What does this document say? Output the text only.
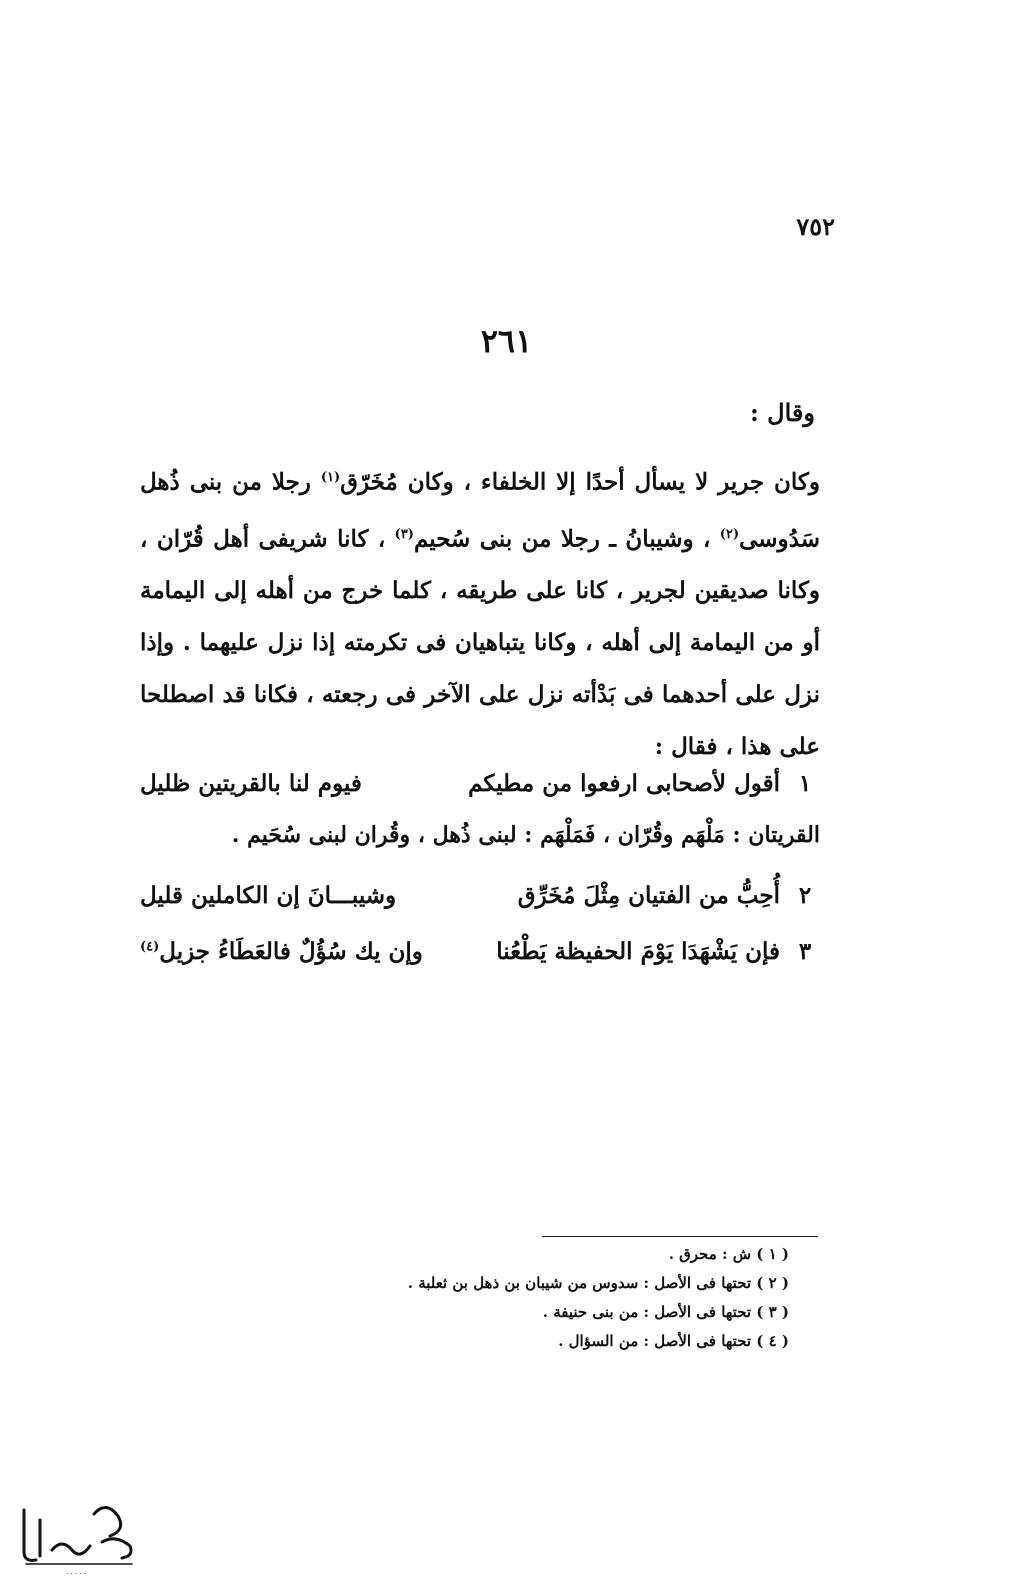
٧٥٢
٢٦١
وقال :

وكان جرير لا يسأل أحدًا إلا الخلفاء ، وكان مُخَرّق$^{(١)}$ رجلا من بنى ذُهل سَدُوسى$^{(٢)}$ ، وشيبانُ ـ رجلا من بنى سُحيم$^{(٣)}$ ، كانا شريفى أهل قُرّان ، وكانا صديقين لجرير ، كانا على طريقه ، كلما خرج من أهله إلى اليمامة أو من اليمامة إلى أهله ، وكانا يتباهيان فى تكرمته إذا نزل عليهما . وإذا نزل على أحدهما فى بَدْأته نزل على الآخر فى رجعته ، فكانا قد اصطلحا على هذا ، فقال :

١
أقول لأصحابى ارفعوا من مطيكم
فيوم لنا بالقريتين ظليل
القريتان : مَلْهَم وقُرّان ، فَمَلْهَم : لبنى ذُهل ، وقُران لبنى سُحَيم .
٢
أُحِبُّ من الفتيان مِثْلَ مُخَرِّق
وشيبـــانَ إن الكاملين قليل
٣
فإن يَشْهَدَا يَوْمَ الحفيظة يَطْعُنا
وإن يك سُؤُلٌ فالعَطَاءُ جزيل$^{(٤)}$
( ١ ) ش : محرق .
( ٢ ) تحتها فى الأصل : سدوس من شيبان بن ذهل بن ثعلبة .
( ٣ ) تحتها فى الأصل : من بنى حنيفة .
( ٤ ) تحتها فى الأصل : من السؤال .
· · · · ·
